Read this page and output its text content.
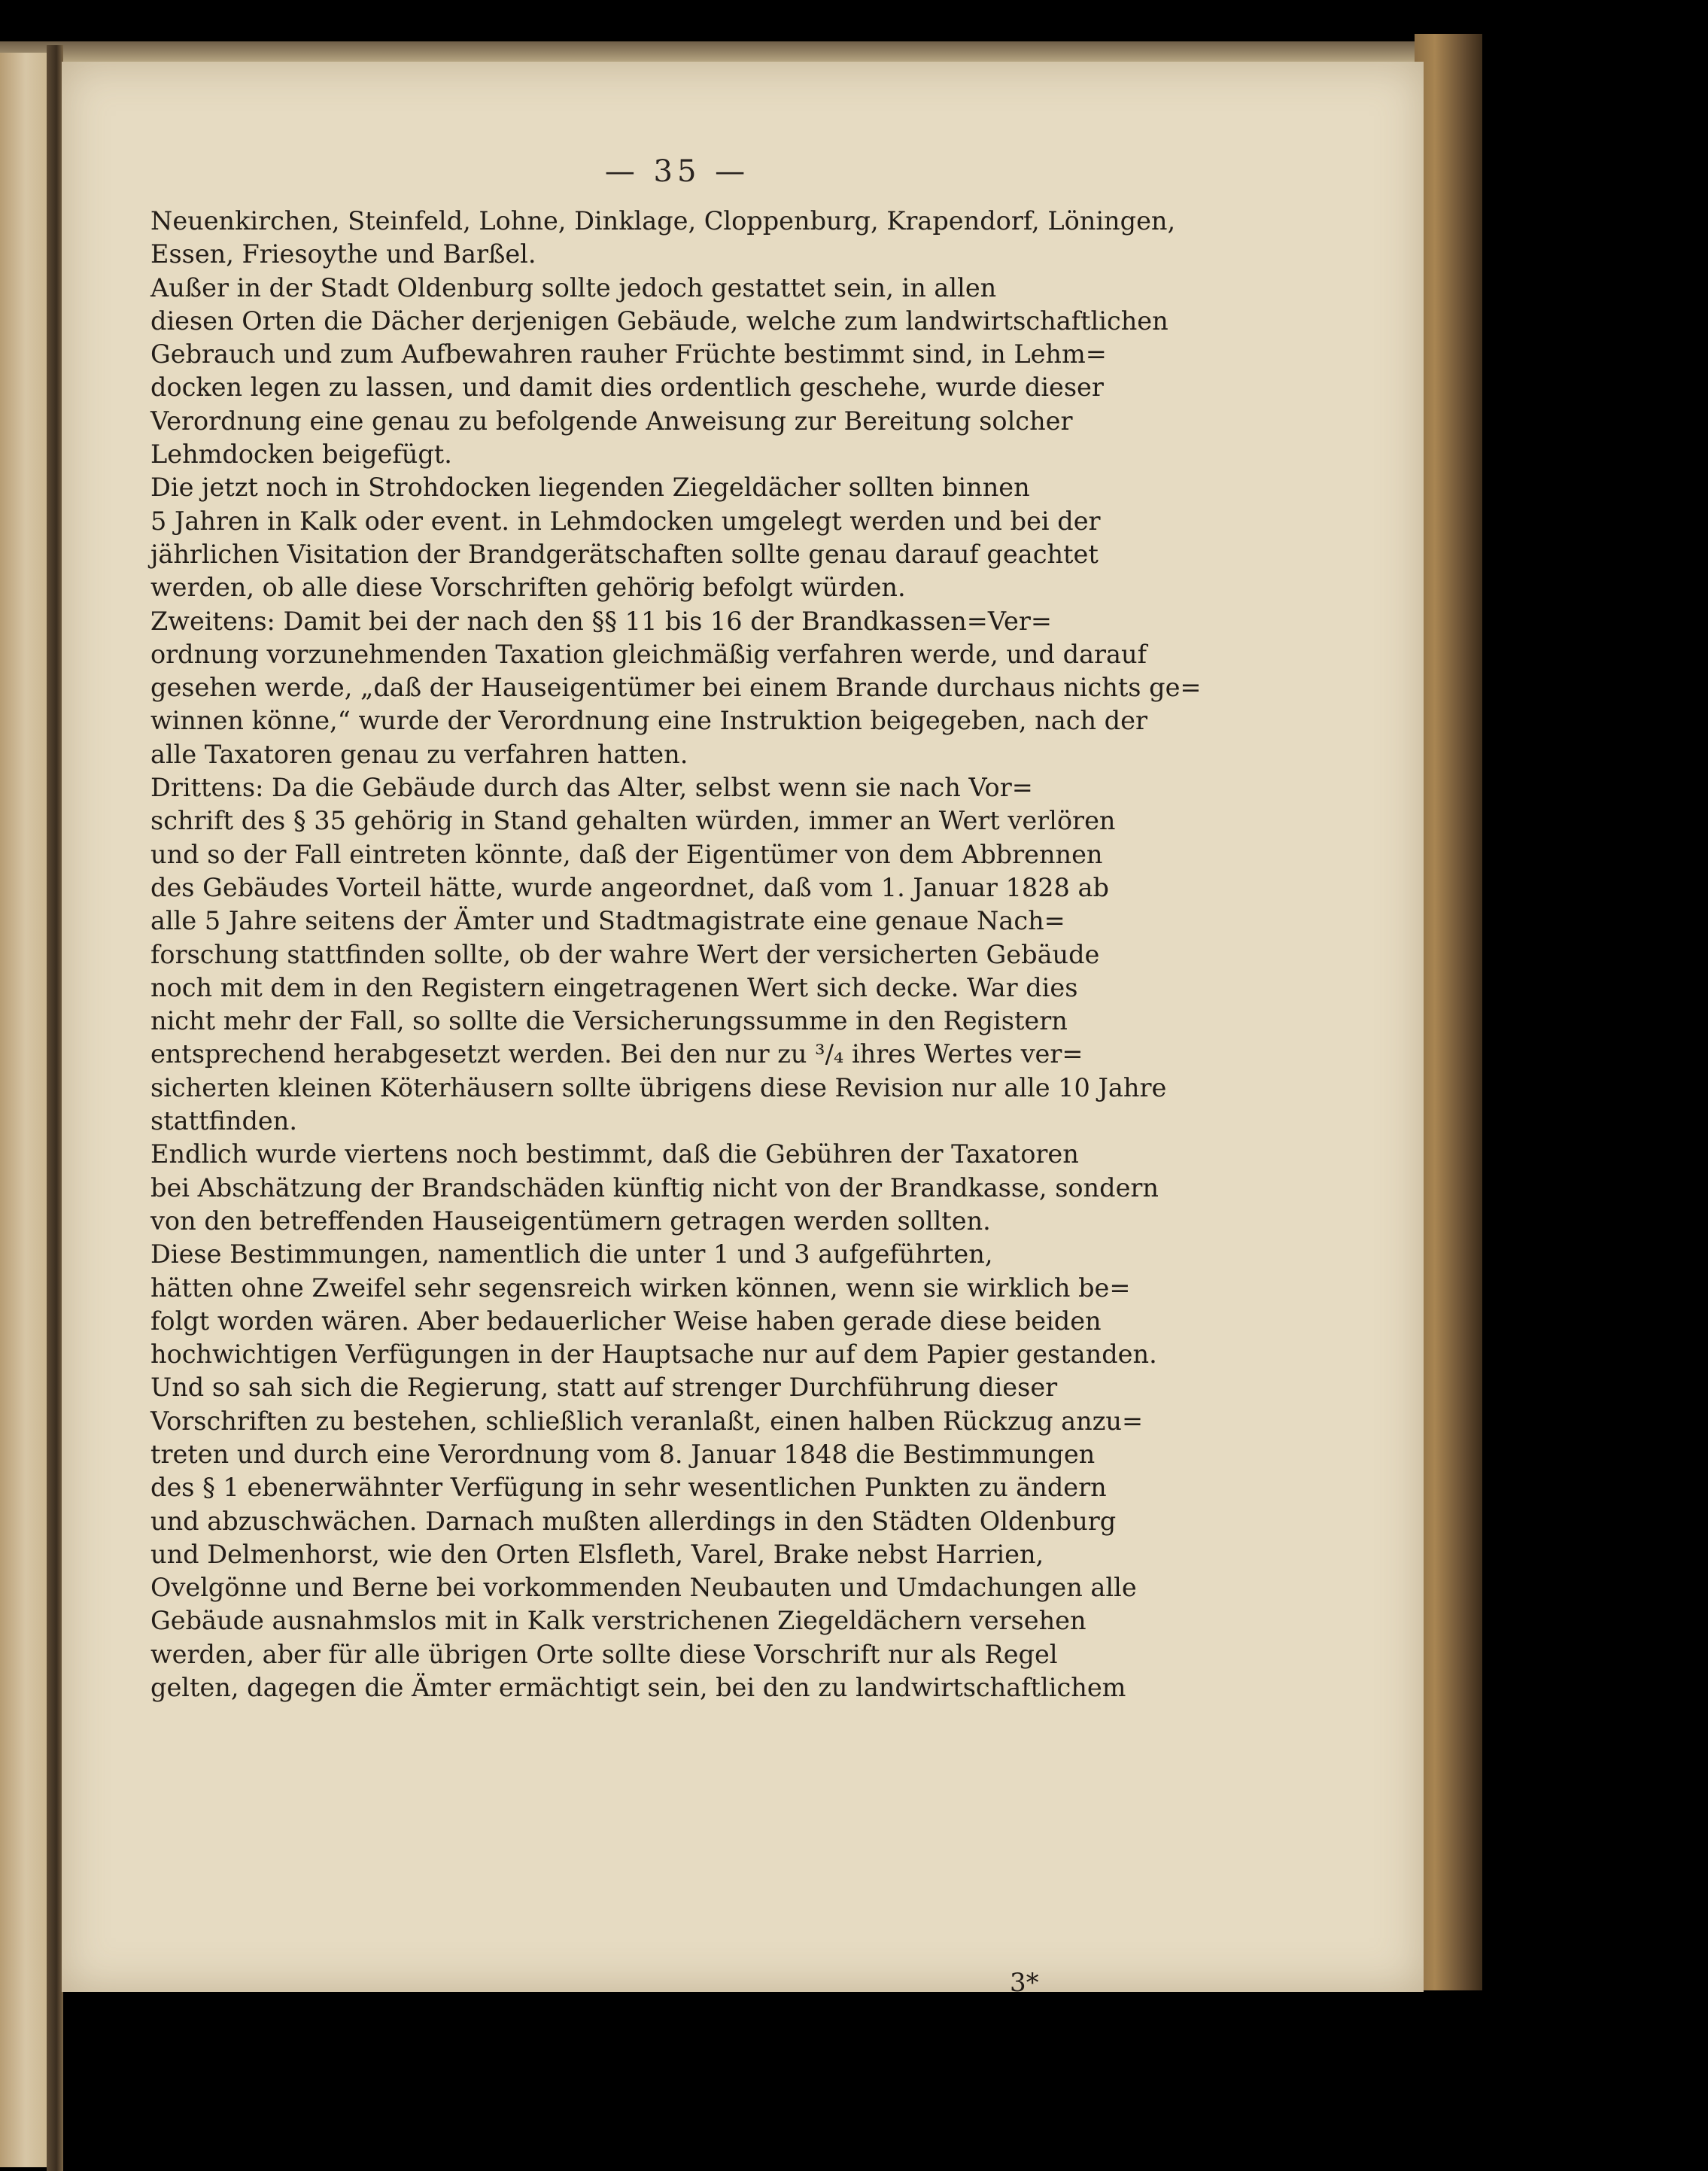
— 35 —
Neuenkirchen, Steinfeld, Lohne, Dinklage, Cloppenburg, Krapendorf, Löningen,
Essen, Friesoythe und Barßel.
Außer in der Stadt Oldenburg sollte jedoch gestattet sein, in allen
diesen Orten die Dächer derjenigen Gebäude, welche zum landwirtschaftlichen
Gebrauch und zum Aufbewahren rauher Früchte bestimmt sind, in Lehm=
docken legen zu lassen, und damit dies ordentlich geschehe, wurde dieser
Verordnung eine genau zu befolgende Anweisung zur Bereitung solcher
Lehmdocken beigefügt.
Die jetzt noch in Strohdocken liegenden Ziegeldächer sollten binnen
5 Jahren in Kalk oder event. in Lehmdocken umgelegt werden und bei der
jährlichen Visitation der Brandgerätschaften sollte genau darauf geachtet
werden, ob alle diese Vorschriften gehörig befolgt würden.
Zweitens: Damit bei der nach den §§ 11 bis 16 der Brandkassen=Ver=
ordnung vorzunehmenden Taxation gleichmäßig verfahren werde, und darauf
gesehen werde, „daß der Hauseigentümer bei einem Brande durchaus nichts ge=
winnen könne,“ wurde der Verordnung eine Instruktion beigegeben, nach der
alle Taxatoren genau zu verfahren hatten.
Drittens: Da die Gebäude durch das Alter, selbst wenn sie nach Vor=
schrift des § 35 gehörig in Stand gehalten würden, immer an Wert verlören
und so der Fall eintreten könnte, daß der Eigentümer von dem Abbrennen
des Gebäudes Vorteil hätte, wurde angeordnet, daß vom 1. Januar 1828 ab
alle 5 Jahre seitens der Ämter und Stadtmagistrate eine genaue Nach=
forschung stattfinden sollte, ob der wahre Wert der versicherten Gebäude
noch mit dem in den Registern eingetragenen Wert sich decke. War dies
nicht mehr der Fall, so sollte die Versicherungssumme in den Registern
entsprechend herabgesetzt werden. Bei den nur zu ³/₄ ihres Wertes ver=
sicherten kleinen Köterhäusern sollte übrigens diese Revision nur alle 10 Jahre
stattfinden.
Endlich wurde viertens noch bestimmt, daß die Gebühren der Taxatoren
bei Abschätzung der Brandschäden künftig nicht von der Brandkasse, sondern
von den betreffenden Hauseigentümern getragen werden sollten.
Diese Bestimmungen, namentlich die unter 1 und 3 aufgeführten,
hätten ohne Zweifel sehr segensreich wirken können, wenn sie wirklich be=
folgt worden wären. Aber bedauerlicher Weise haben gerade diese beiden
hochwichtigen Verfügungen in der Hauptsache nur auf dem Papier gestanden.
Und so sah sich die Regierung, statt auf strenger Durchführung dieser
Vorschriften zu bestehen, schließlich veranlaßt, einen halben Rückzug anzu=
treten und durch eine Verordnung vom 8. Januar 1848 die Bestimmungen
des § 1 ebenerwähnter Verfügung in sehr wesentlichen Punkten zu ändern
und abzuschwächen. Darnach mußten allerdings in den Städten Oldenburg
und Delmenhorst, wie den Orten Elsfleth, Varel, Brake nebst Harrien,
Ovelgönne und Berne bei vorkommenden Neubauten und Umdachungen alle
Gebäude ausnahmslos mit in Kalk verstrichenen Ziegeldächern versehen
werden, aber für alle übrigen Orte sollte diese Vorschrift nur als Regel
gelten, dagegen die Ämter ermächtigt sein, bei den zu landwirtschaftlichem
3*
